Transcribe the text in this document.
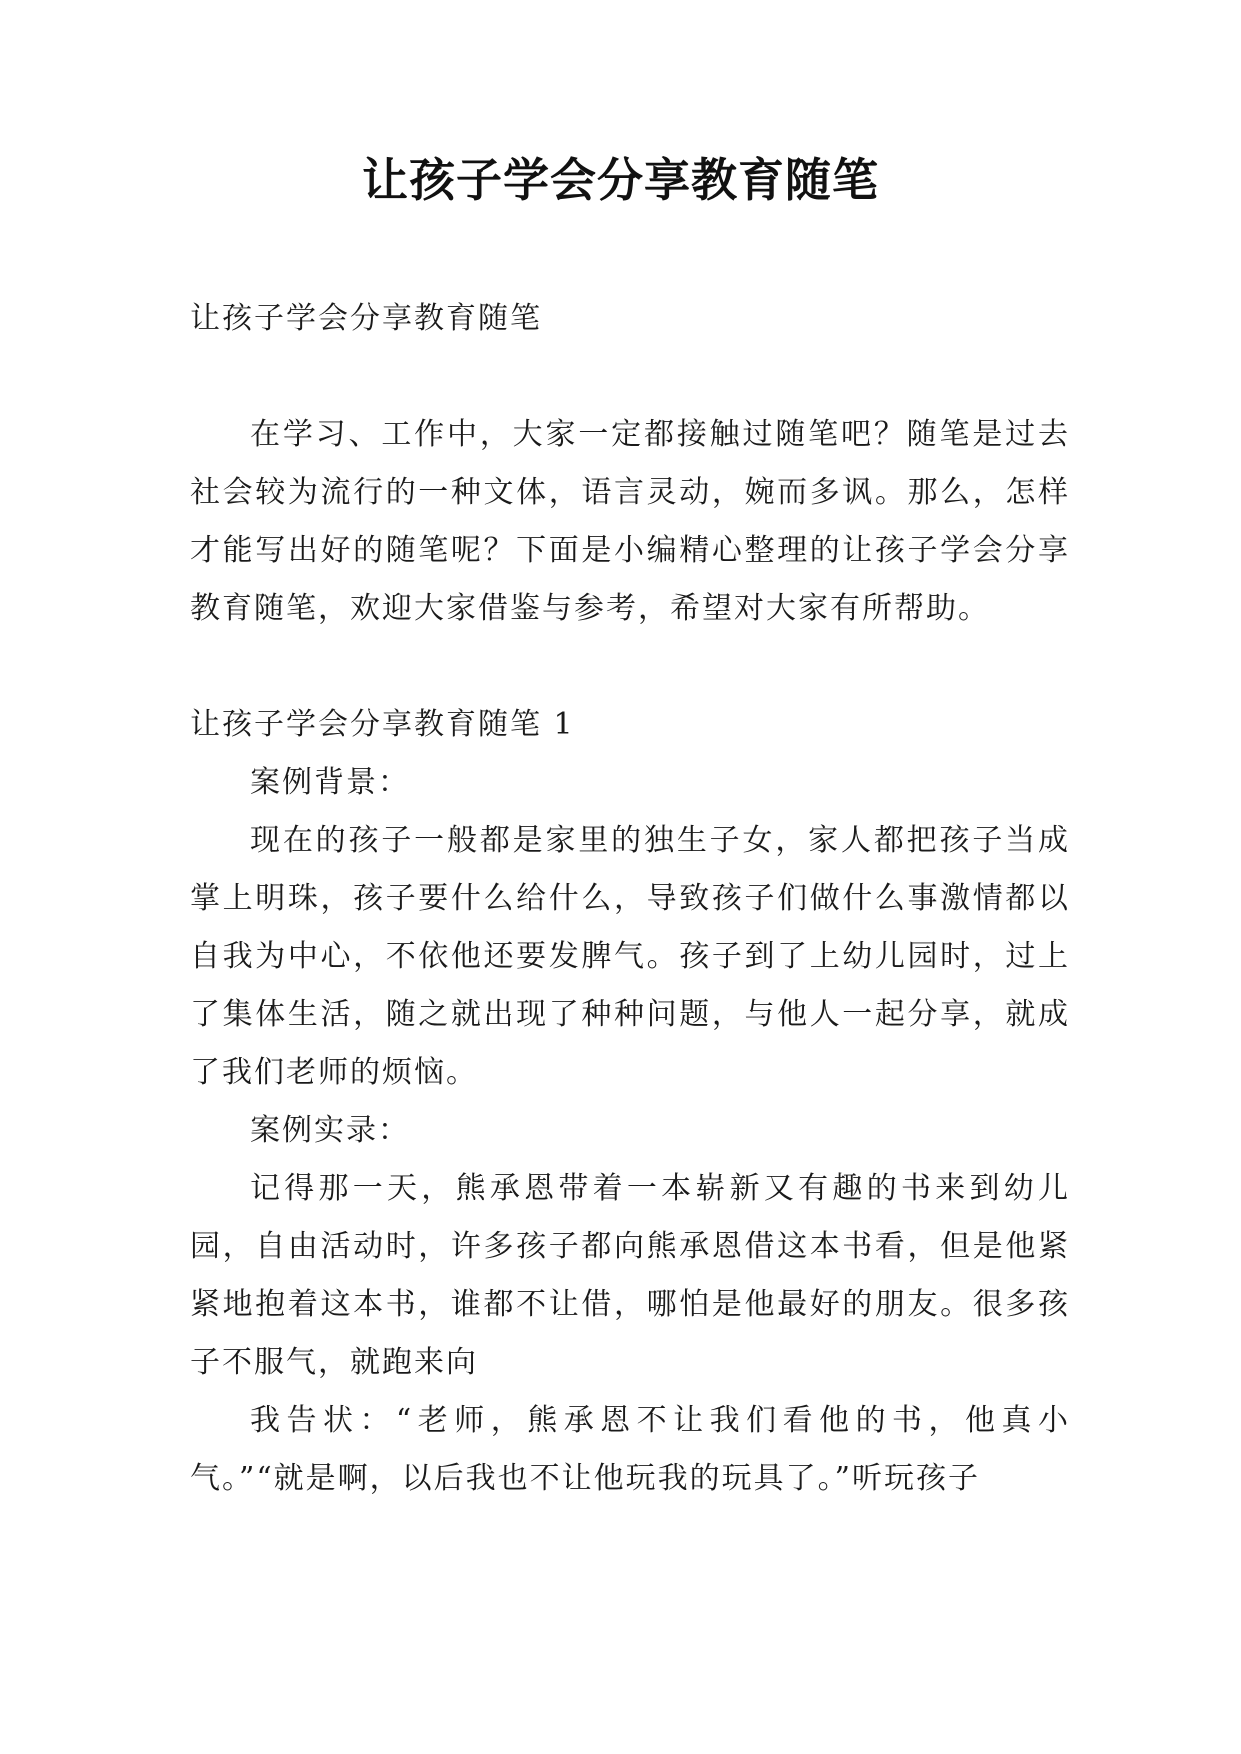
让孩子学会分享教育随笔

让孩子学会分享教育随笔

在学习、工作中，大家一定都接触过随笔吧？随笔是过去社会较为流行的一种文体，语言灵动，婉而多讽。那么，怎样才能写出好的随笔呢？下面是小编精心整理的让孩子学会分享教育随笔，欢迎大家借鉴与参考，希望对大家有所帮助。

让孩子学会分享教育随笔 1

案例背景：

现在的孩子一般都是家里的独生子女，家人都把孩子当成掌上明珠，孩子要什么给什么，导致孩子们做什么事激情都以自我为中心，不依他还要发脾气。孩子到了上幼儿园时，过上了集体生活，随之就出现了种种问题，与他人一起分享，就成了我们老师的烦恼。

案例实录：

记得那一天，熊承恩带着一本崭新又有趣的书来到幼儿园，自由活动时，许多孩子都向熊承恩借这本书看，但是他紧紧地抱着这本书，谁都不让借，哪怕是他最好的朋友。很多孩子不服气，就跑来向

我告状：“老师，熊承恩不让我们看他的书，他真小气。”“就是啊，以后我也不让他玩我的玩具了。”听玩孩子
